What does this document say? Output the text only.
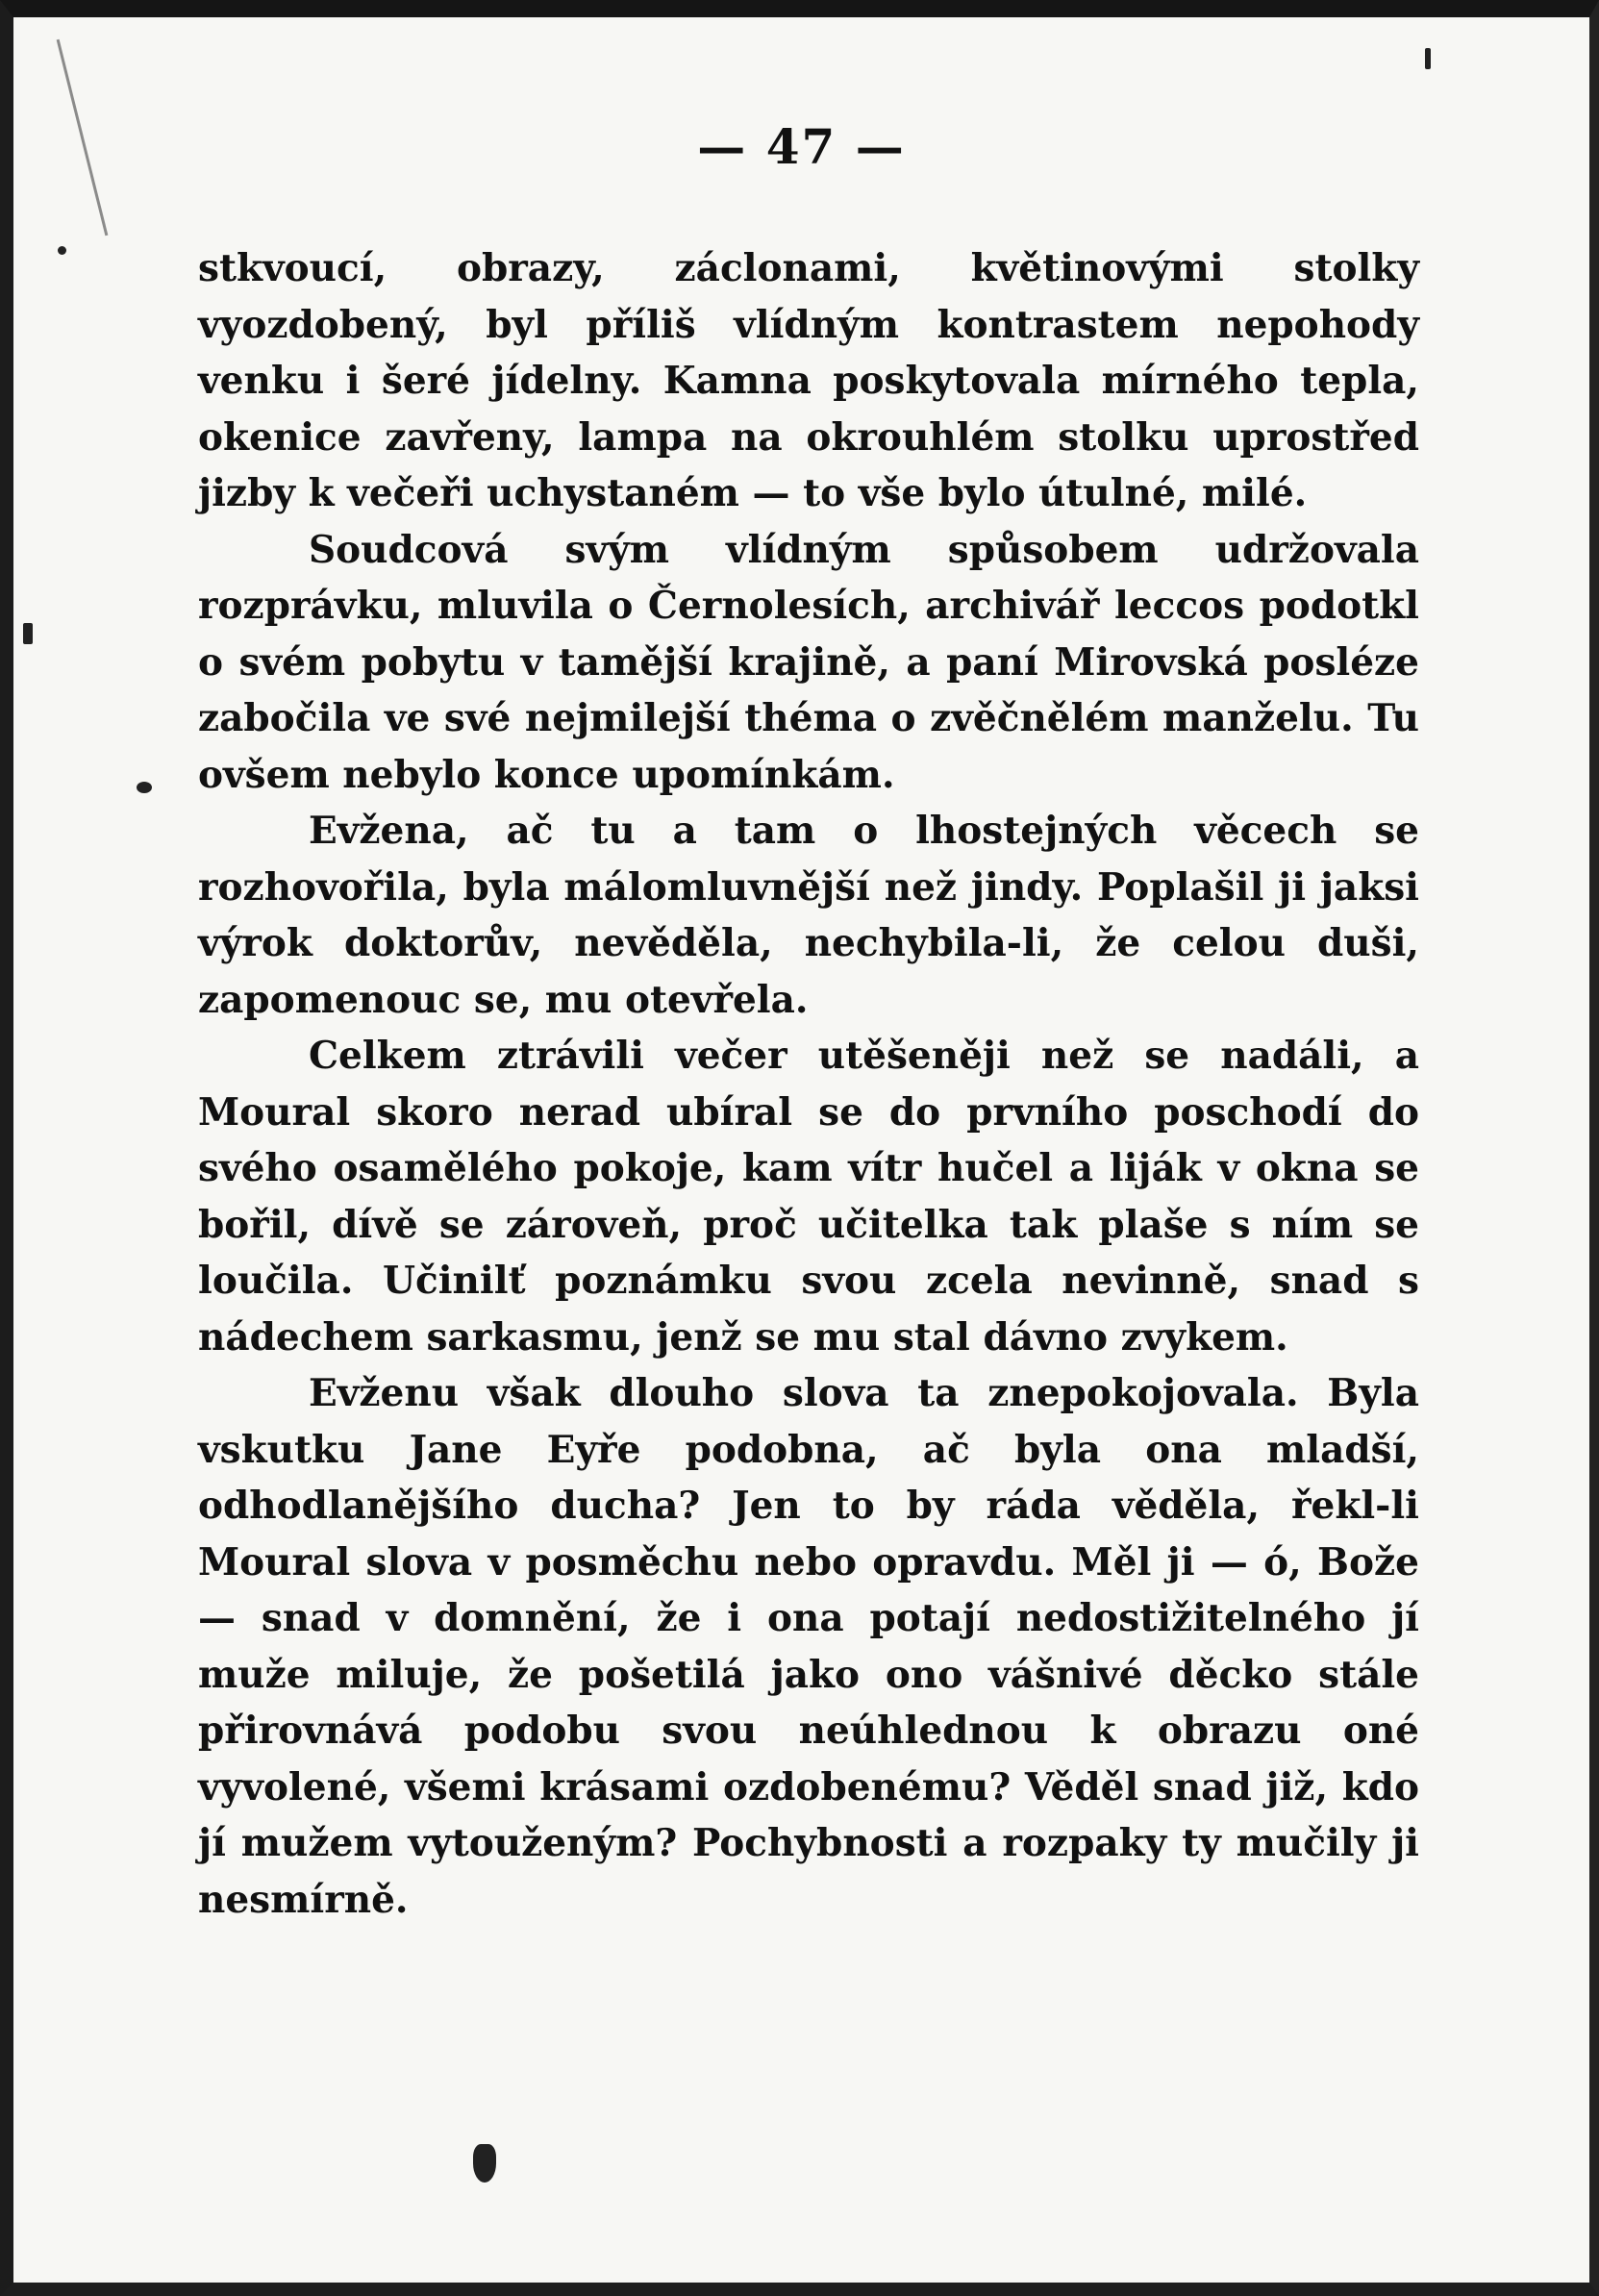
— 47 —

stkvoucí, obrazy, záclonami, květinovými stolky vyozdobený, byl příliš vlídným kontrastem nepohody venku i šeré jídelny. Kamna poskytovala mírného tepla, okenice zavřeny, lampa na okrouhlém stolku uprostřed jizby k večeři uchystaném — to vše bylo útulné, milé.

Soudcová svým vlídným spůsobem udržovala rozprávku, mluvila o Černolesích, archivář leccos podotkl o svém pobytu v tamější krajině, a paní Mirovská posléze zabočila ve své nejmilejší théma o zvěčnělém manželu. Tu ovšem nebylo konce upomínkám.

Evžena, ač tu a tam o lhostejných věcech se rozhovořila, byla málomluvnější než jindy. Poplašil ji jaksi výrok doktorův, nevěděla, nechybila-li, že celou duši, zapomenouc se, mu otevřela.

Celkem ztrávili večer utěšeněji než se nadáli, a Moural skoro nerad ubíral se do prvního poschodí do svého osamělého pokoje, kam vítr hučel a liják v okna se bořil, dívě se zároveň, proč učitelka tak plaše s ním se loučila. Učinilť poznámku svou zcela nevinně, snad s nádechem sarkasmu, jenž se mu stal dávno zvykem.

Evženu však dlouho slova ta znepokojovala. Byla vskutku Jane Eyře podobna, ač byla ona mladší, odhodlanějšího ducha? Jen to by ráda věděla, řekl-li Moural slova v posměchu nebo opravdu. Měl ji — ó, Bože — snad v domnění, že i ona potají nedostižitelného jí muže miluje, že pošetilá jako ono vášnivé děcko stále přirovnává podobu svou neúhlednou k obrazu oné vyvolené, všemi krásami ozdobenému? Věděl snad již, kdo jí mužem vytouženým? Pochybnosti a rozpaky ty mučily ji nesmírně.
